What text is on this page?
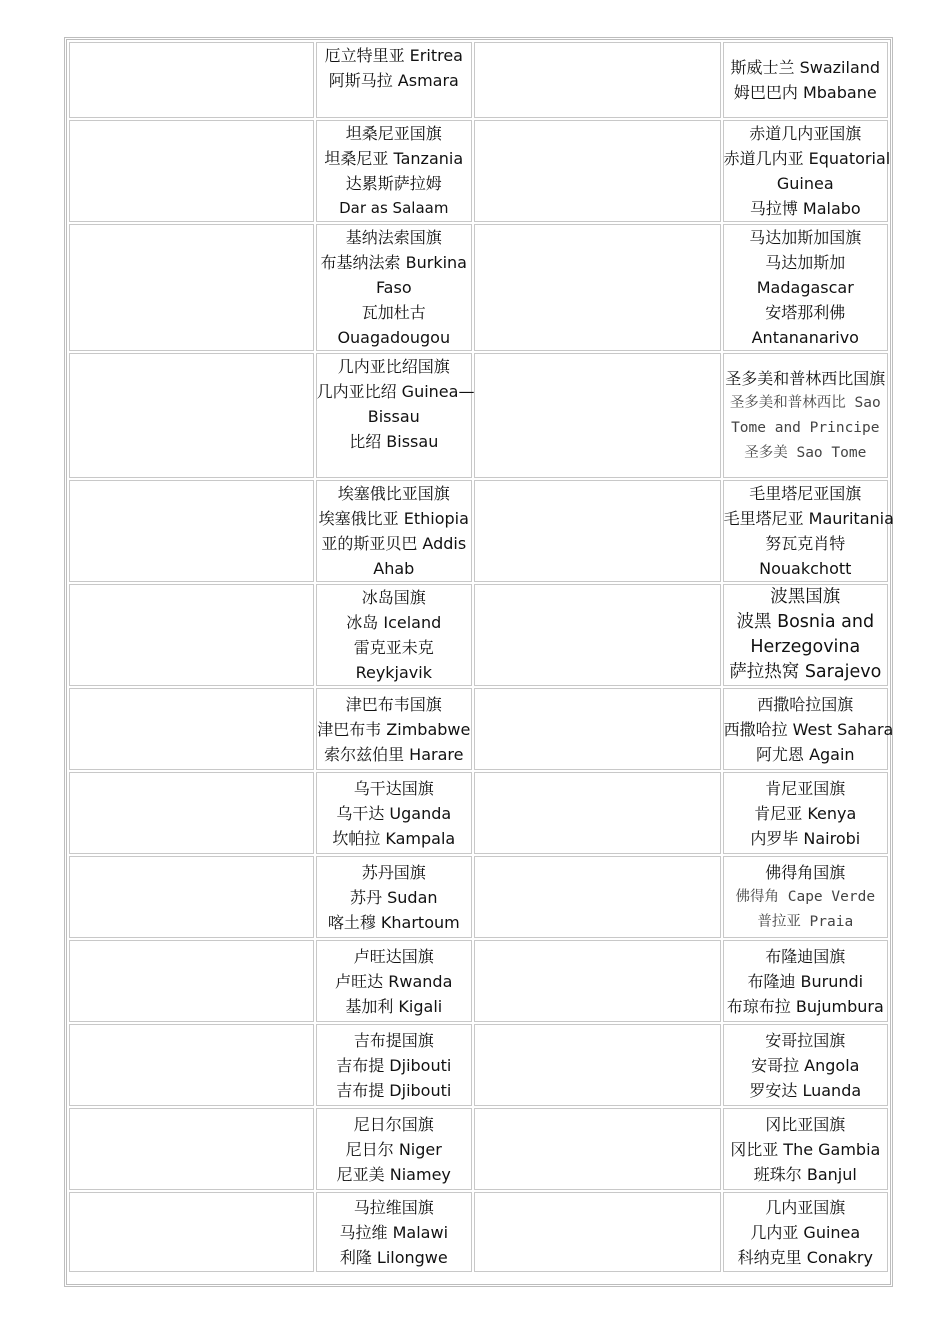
	厄立特里亚 Eritrea
阿斯马拉 Asmara		斯威士兰 Swaziland
姆巴巴内 Mbabane

	坦桑尼亚国旗
坦桑尼亚 Tanzania
达累斯萨拉姆
Dar as Salaam		赤道几内亚国旗
赤道几内亚 Equatorial
Guinea
马拉博 Malabo

	基纳法索国旗
布基纳法索 Burkina
Faso
瓦加杜古
Ouagadougou		马达加斯加国旗
马达加斯加
Madagascar
安塔那利佛
Antananarivo

	几内亚比绍国旗
几内亚比绍 Guinea—
Bissau
比绍 Bissau		圣多美和普林西比国旗
圣多美和普林西比 Sao
Tome and Principe
圣多美 Sao Tome

	埃塞俄比亚国旗
埃塞俄比亚 Ethiopia
亚的斯亚贝巴 Addis
Ahab		毛里塔尼亚国旗
毛里塔尼亚 Mauritania
努瓦克肖特
Nouakchott

	冰岛国旗
冰岛 Iceland
雷克亚未克
Reykjavik		波黑国旗
波黑 Bosnia and
Herzegovina
萨拉热窝 Sarajevo

	津巴布韦国旗
津巴布韦 Zimbabwe
索尔兹伯里 Harare		西撒哈拉国旗
西撒哈拉 West Sahara
阿尤恩 Again

	乌干达国旗
乌干达 Uganda
坎帕拉 Kampala		肯尼亚国旗
肯尼亚 Kenya
内罗毕 Nairobi

	苏丹国旗
苏丹 Sudan
喀土穆 Khartoum		佛得角国旗
佛得角 Cape Verde
普拉亚 Praia

	卢旺达国旗
卢旺达 Rwanda
基加利 Kigali		布隆迪国旗
布隆迪 Burundi
布琼布拉 Bujumbura

	吉布提国旗
吉布提 Djibouti
吉布提 Djibouti		安哥拉国旗
安哥拉 Angola
罗安达 Luanda

	尼日尔国旗
尼日尔 Niger
尼亚美 Niamey		冈比亚国旗
冈比亚 The Gambia
班珠尔 Banjul

	马拉维国旗
马拉维 Malawi
利隆 Lilongwe		几内亚国旗
几内亚 Guinea
科纳克里 Conakry
